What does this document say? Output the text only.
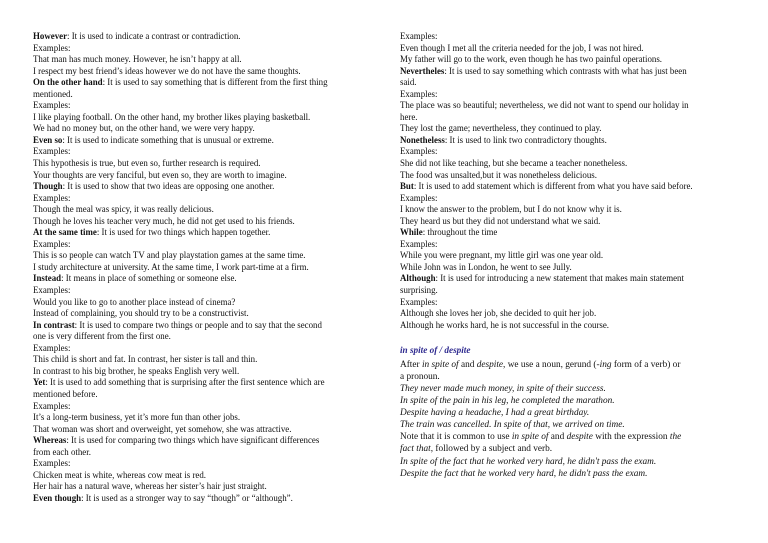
However: It is used to indicate a contrast or contradiction.
Examples:
That man has much money. However, he isn’t happy at all.
I respect my best friend’s ideas however we do not have the same thoughts.
On the other hand: It is used to say something that is different from the first thing
mentioned.
Examples:
I like playing football. On the other hand, my brother likes playing basketball.
We had no money but, on the other hand, we were very happy.
Even so: It is used to indicate something that is unusual or extreme.
Examples:
This hypothesis is true, but even so, further research is required.
Your thoughts are very fanciful, but even so, they are worth to imagine.
Though: It is used to show that two ideas are opposing one another.
Examples:
Though the meal was spicy, it was really delicious.
Though he loves his teacher very much, he did not get used to his friends.
At the same time: It is used for two things which happen together.
Examples:
This is so people can watch TV and play playstation games at the same time.
I study architecture at university. At the same time, I work part-time at a firm.
Instead: It means in place of something or someone else.
Examples:
Would you like to go to another place instead of cinema?
Instead of complaining, you should try to be a constructivist.
In contrast: It is used to compare two things or people and to say that the second
one is very different from the first one.
Examples:
This child is short and fat. In contrast, her sister is tall and thin.
In contrast to his big brother, he speaks English very well.
Yet: It is used to add something that is surprising after the first sentence which are
mentioned before.
Examples:
It’s a long-term business, yet it’s more fun than other jobs.
That woman was short and overweight, yet somehow, she was attractive.
Whereas: It is used for comparing two things which have significant differences
from each other.
Examples:
Chicken meat is white, whereas cow meat is red.
Her hair has a natural wave, whereas her sister’s hair just straight.
Even though: It is used as a stronger way to say “though” or “although”.
Examples:
Even though I met all the criteria needed for the job, I was not hired.
My father will go to the work, even though he has two painful operations.
Nevertheles: It is used to say something which contrasts with what has just been
said.
Examples:
The place was so beautiful; nevertheless, we did not want to spend our holiday in
here.
They lost the game; nevertheless, they continued to play.
Nonetheless: It is used to link two contradictory thoughts.
Examples:
She did not like teaching, but she became a teacher nonetheless.
The food was unsalted,but it was nonetheless delicious.
But: It is used to add statement which is different from what you have said before.
Examples:
I know the answer to the problem, but I do not know why it is.
They heard us but they did not understand what we said.
While: throughout the time
Examples:
While you were pregnant, my little girl was one year old.
While John was in London, he went to see Jully.
Although: It is used for introducing a new statement that makes main statement
surprising.
Examples:
Although she loves her job, she decided to quit her job.
Although he works hard, he is not successful in the course.
in spite of / despite
After in spite of and despite, we use a noun, gerund (-ing form of a verb) or
a pronoun.
They never made much money, in spite of their success.
In spite of the pain in his leg, he completed the marathon.
Despite having a headache, I had a great birthday.
The train was cancelled. In spite of that, we arrived on time.
Note that it is common to use in spite of and despite with the expression the
fact that, followed by a subject and verb.
In spite of the fact that he worked very hard, he didn't pass the exam.
Despite the fact that he worked very hard, he didn't pass the exam.
